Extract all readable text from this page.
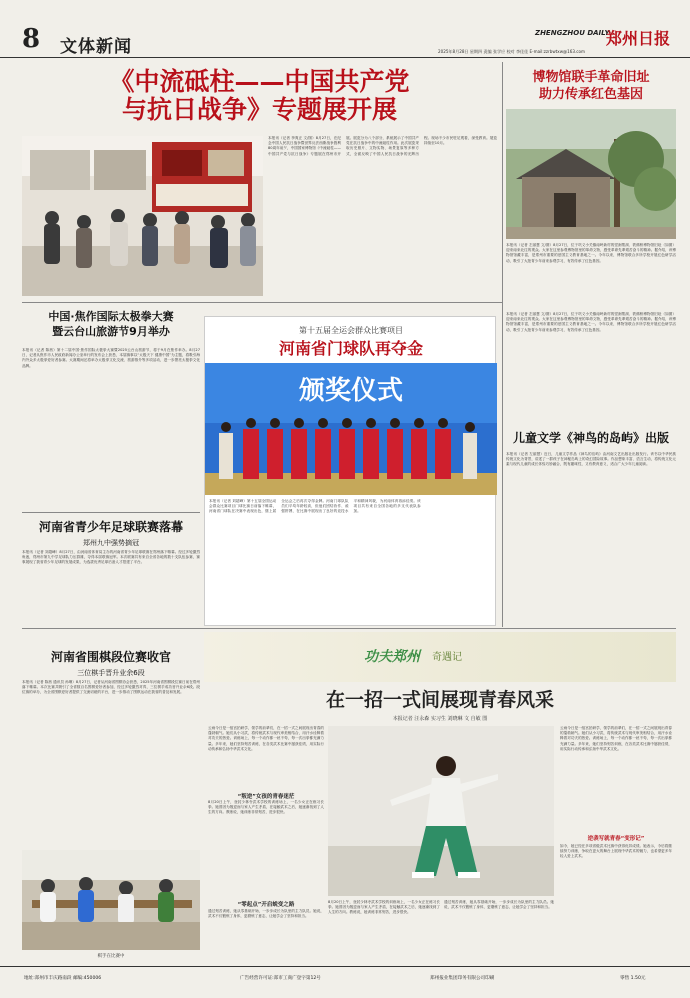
8 文体新闻
ZHENGZHOU DAILY
郑州日报
2025年8月28日 星期四 责编 张学应 校对 李佳佳 E-mail:zzrbwtxw@163.com
《中流砥柱——中国共产党
与抗日战争》专题展开展
本报讯（记者 李爽正 文/图）8月27日，在纪念中国人民抗日战争暨世界反法西斯战争胜利80周年前夕，中国国家博物馆《中流砥柱——中国共产党与抗日战争》专题展在郑州市开展。展览分为八个部分，系统展示了中国共产党在抗日战争中的中流砥柱作用。此次展览采取历史照片、文物实物、场景复原等多种方式，全面反映了中国人民抗日战争的光辉历程。现场不少市民驻足观看，深受教育。展览持续至10月。
博物馆联手革命旧址
助力传承红色基因
本报讯（记者 左丽慧 文/图）8月27日，位于巩义小关镇南岭新村的竖涧帮洞、铁佛桥博物馆旧址（如图）迎来南来北往的观众。大家在这里参观博物馆里的革命文物，感受革命先辈艰苦奋斗的精神。据介绍，该博物馆馆藏丰富，是郑州市重要的爱国主义教育基地之一。今年以来，博物馆联合多所学校开展红色研学活动，吸引了大批青少年前来参观学习，有效传承了红色基因。
中国·焦作国际太极拳大赛
暨云台山旅游节9月举办
本报讯（记者 陈茜）第十二届中国·焦作国际太极拳大赛暨2025云台山旅游节，将于9月在焦作举办。8月27日，记者从焦作市人民政府新闻办公室举行的发布会上获悉，本届赛事以“太极天下 健康中国”为主题，将吸引海内外众多太极拳爱好者参赛。大赛期间还将举办太极拳文化交流、旅游推介等多项活动，进一步擦亮太极拳文化品牌。
第十五届全运会群众比赛项目
河南省门球队再夺金
颁奖仪式
本报讯（记者 刘超峰）第十五届全国运动会群众比赛项目门球比赛日前落下帷幕，河南省门球队在决赛中表现出色，继上届全运会之后再次夺得金牌。河南门球队队员们平均年龄较高，但他们团结协作、顽强拼搏，在比赛中展现出了良好的竞技水平和精神风貌，为河南体育再添佳绩。该项目共有来自全国各地的多支代表队参加。
儿童文学《神鸟的岛屿》出版
本报讯（记者 左丽慧）近日，儿童文学作品《神鸟的岛屿》由河南文艺出版社出版发行。该书以中华民族传统文化为背景，讲述了一群孩子在神秘岛屿上的奇幻冒险故事。作品想象丰富、语言生动，将传统文化元素与现代儿童的成长体验巧妙融合，既有趣味性，又有教育意义，适合广大少年儿童阅读。
本报讯（记者 左丽慧 文/图）8月27日，位于巩义小关镇南岭新村的竖涧帮洞、铁佛桥博物馆旧址（如图）迎来南来北往的观众。大家在这里参观博物馆里的革命文物，感受革命先辈艰苦奋斗的精神。据介绍，该博物馆馆藏丰富，是郑州市重要的爱国主义教育基地之一。今年以来，博物馆联合多所学校开展红色研学活动，吸引了大批青少年前来参观学习，有效传承了红色基因。
河南省青少年足球联赛落幕
郑州九中强势摘冠
本报讯（记者 刘超峰）8月27日，由河南省体育局主办的河南省青少年足球联赛在郑州落下帷幕。经过多轮激烈角逐，郑州市第九中学足球队力压群雄，夺得本届联赛冠军。本次联赛共有来自全省各地的数十支队伍参赛，赛事展现了我省青少年足球的发展成果，为选拔优秀足球后备人才搭建了平台。
功夫郑州 奇遇记
河南省围棋段位赛收官
三位棋手晋升业余6段
本报讯（记者 陈茜 通讯员 孙琳）8月27日，记者从河南省围棋协会获悉，2025年河南省围棋段位赛日前在郑州落下帷幕。本次比赛共吸引了全省数百名围棋爱好者参加，经过多轮激烈对弈，三位棋手成功晋升业余6段。段位赛的举办，为全省围棋爱好者提供了交流切磋的平台，进一步推动了围棋运动在我省的普及和发展。
棋手在比赛中
在一招一式间展现青春风采
本报记者 汪永森 实习生 刘晓琳 文 自敏 图
云雨今日是一组宫拍研学，领学的前辈们，在一招一式之间展现出青春的蓬勃朝气。她们从小习武，将传统武术与现代审美相结合，用汗水诠释着对功夫的热爱。训练场上，每一个动作都一丝不苟，每一次出拳都充满力量。多年来，她们坚持刻苦训练，在各类武术比赛中屡获佳绩，用实际行动传承和弘扬中华武术文化。
“叛逆”女孩的青春迷茫
8月20日上午，登封少林寺武术学校的训练场上，一名少女正在练习长拳。她曾因为叛逆而与家人产生矛盾，在接触武术之后，她逐渐找到了人生的方向。教练说，她训练非常刻苦，进步很快。
“零起点”开启蜕变之路
通过刻苦训练，她从零基础开始，一步步成长为队里的主力队员。她说，武术不仅锻炼了身体，更磨炼了意志，让她学会了坚持和担当。
8月20日上午，登封少林寺武术学校的训练场上，一名少女正在练习长拳。她曾因为叛逆而与家人产生矛盾，在接触武术之后，她逐渐找到了人生的方向。教练说，她训练非常刻苦，进步很快。
通过刻苦训练，她从零基础开始，一步步成长为队里的主力队员。她说，武术不仅锻炼了身体，更磨炼了意志，让她学会了坚持和担当。
云雨今日是一组宫拍研学，领学的前辈们，在一招一式之间展现出青春的蓬勃朝气。她们从小习武，将传统武术与现代审美相结合，用汗水诠释着对功夫的热爱。训练场上，每一个动作都一丝不苟，每一次出拳都充满力量。多年来，她们坚持刻苦训练，在各类武术比赛中屡获佳绩，用实际行动传承和弘扬中华武术文化。
逆袭写就青春“变形记”
如今，她已经在多项省级武术比赛中获得优异成绩。她表示，今后将继续努力训练，争取在更大的舞台上展现中华武术的魅力，也希望更多年轻人爱上武术。
地址:郑州市丰庆路南段 邮编:450006	广告经营许可证:郑市工商广登字第12号	郑州报业集团印务有限公司印刷	零售 1.50元
